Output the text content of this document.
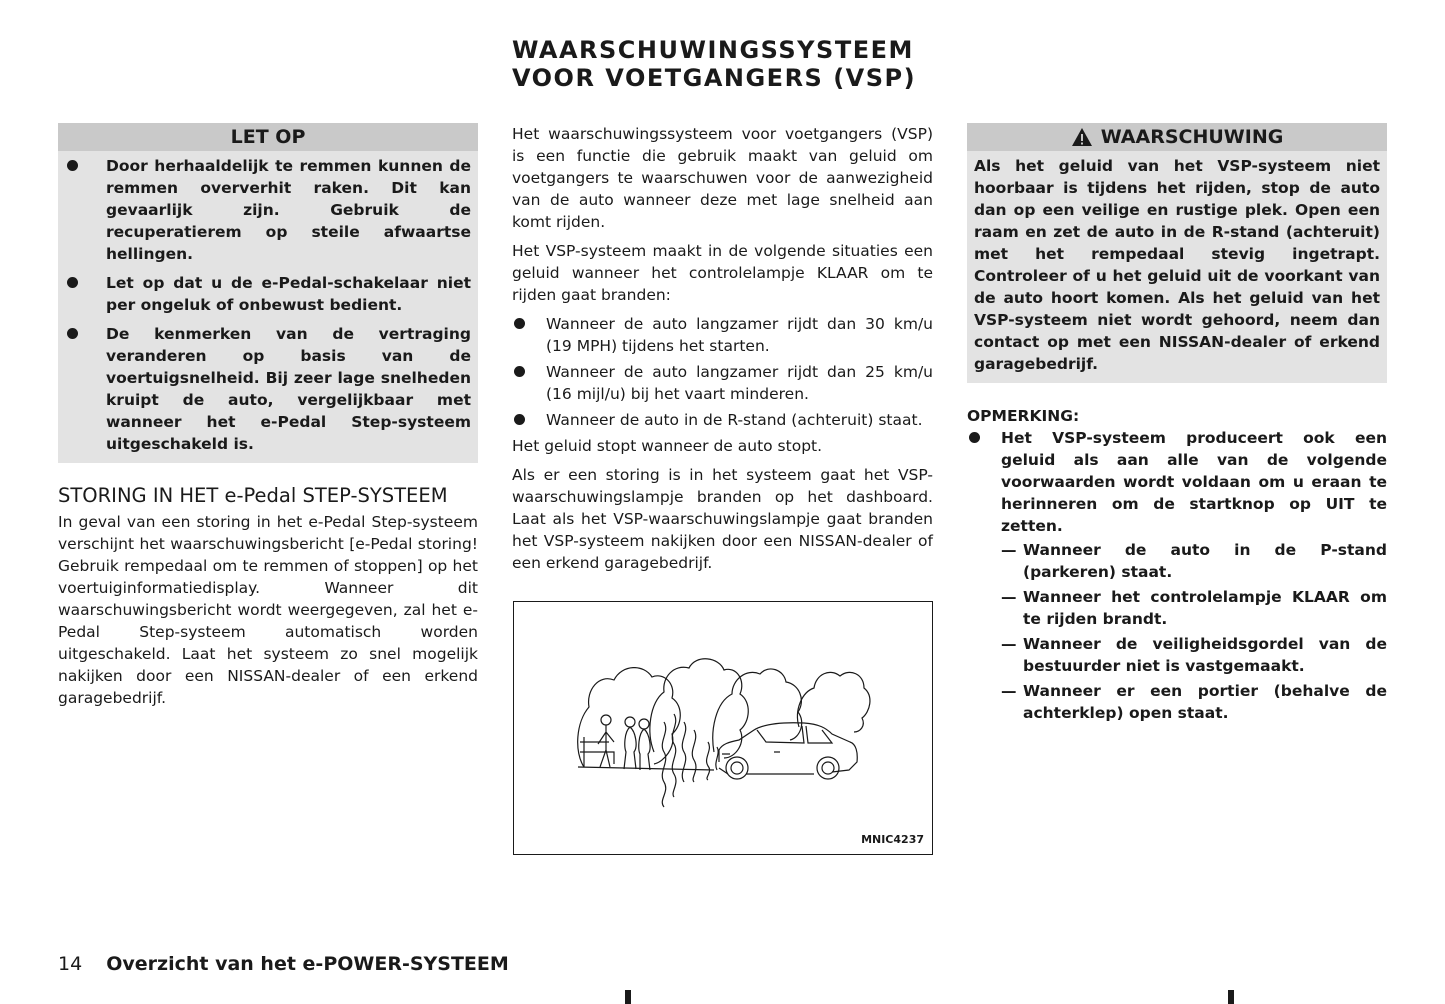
WAARSCHUWINGSSYSTEEM
VOOR VOETGANGERS (VSP)
LET OP
Door herhaaldelijk te remmen kunnen de remmen oververhit raken. Dit kan gevaarlijk zijn. Gebruik de recuperatierem op steile afwaartse hellingen.
Let op dat u de e-Pedal-schakelaar niet per ongeluk of onbewust bedient.
De kenmerken van de vertraging veranderen op basis van de voertuigsnelheid. Bij zeer lage snelheden kruipt de auto, vergelijkbaar met wanneer het e-Pedal Step-systeem uitgeschakeld is.
STORING IN HET e-Pedal STEP-SYSTEEM
In geval van een storing in het e-Pedal Step-systeem verschijnt het waarschuwingsbericht [e-Pedal storing! Gebruik rempedaal om te remmen of stoppen] op het voertuiginformatiedisplay. Wanneer dit waarschuwingsbericht wordt weergegeven, zal het e-Pedal Step-systeem automatisch worden uitgeschakeld. Laat het systeem zo snel mogelijk nakijken door een NISSAN-dealer of een erkend garagebedrijf.

Het waarschuwingssysteem voor voetgangers (VSP) is een functie die gebruik maakt van geluid om voetgangers te waarschuwen voor de aanwezigheid van de auto wanneer deze met lage snelheid aan komt rijden.

Het VSP-systeem maakt in de volgende situaties een geluid wanneer het controlelampje KLAAR om te rijden gaat branden:

Wanneer de auto langzamer rijdt dan 30 km/u (19 MPH) tijdens het starten.
Wanneer de auto langzamer rijdt dan 25 km/u (16 mijl/u) bij het vaart minderen.
Wanneer de auto in de R-stand (achteruit) staat.

Het geluid stopt wanneer de auto stopt.

Als er een storing is in het systeem gaat het VSP-waarschuwingslampje branden op het dashboard. Laat als het VSP-waarschuwingslampje gaat branden het VSP-systeem nakijken door een NISSAN-dealer of een erkend garagebedrijf.

MNIC4237
WAARSCHUWING
Als het geluid van het VSP-systeem niet hoorbaar is tijdens het rijden, stop de auto dan op een veilige en rustige plek. Open een raam en zet de auto in de R-stand (achteruit) met het rempedaal stevig ingetrapt. Controleer of u het geluid uit de voorkant van de auto hoort komen. Als het geluid van het VSP-systeem niet wordt gehoord, neem dan contact op met een NISSAN-dealer of erkend garagebedrijf.
OPMERKING:
Het VSP-systeem produceert ook een geluid als aan alle van de volgende voorwaarden wordt voldaan om u eraan te herinneren om de startknop op UIT te zetten.
— Wanneer de auto in de P-stand (parkeren) staat.
— Wanneer het controlelampje KLAAR om te rijden brandt.
— Wanneer de veiligheidsgordel van de bestuurder niet is vastgemaakt.
— Wanneer er een portier (behalve de achterklep) open staat.
14 Overzicht van het e-POWER-SYSTEEM
